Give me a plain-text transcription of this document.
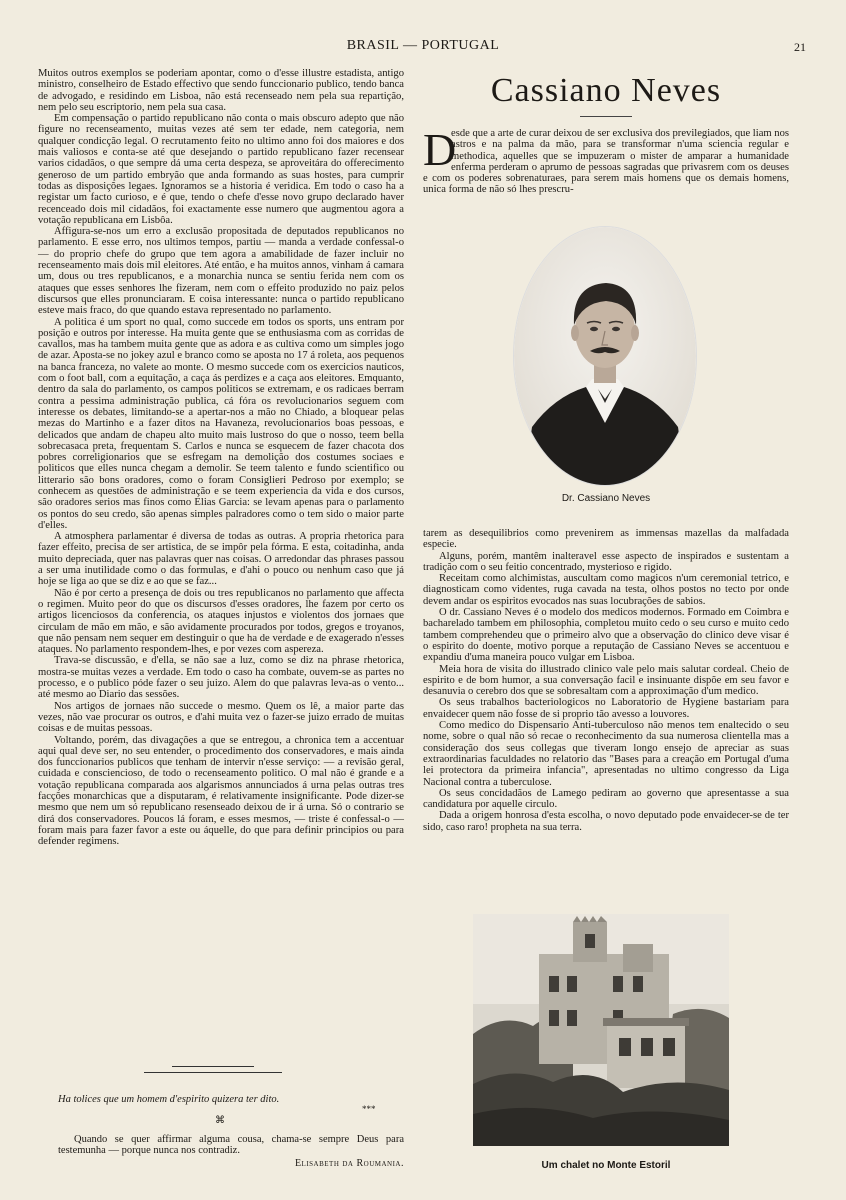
BRASIL — PORTUGAL	21

Muitos outros exemplos se poderiam apontar, como o d'esse illustre estadista, antigo ministro, conselheiro de Estado effectivo que sendo funccionario publico, tendo banca de advogado, e residindo em Lisboa, não está recenseado nem pela sua repartição, nem pelo seu escriptorio, nem pela sua casa.

Em compensação o partido republicano não conta o mais obscuro adepto que não figure no recenseamento, muitas vezes até sem ter edade, nem categoria, nem qualquer condicção legal. O recrutamento feito no ultimo anno foi dos maiores e dos mais valiosos e conta-se até que desejando o partido republicano fazer recensear varios cidadãos, o que sempre dá uma certa despeza, se aproveitára do offerecimento generoso de um partido embryão que anda formando as suas hostes, para cumprir todas as disposições legaes. Ignoramos se a historia é veridica. Em todo o caso ha a registar um facto curioso, e é que, tendo o chefe d'esse novo grupo declarado haver recenceado dois mil cidadãos, foi exactamente esse numero que augmentou agora a votação republicana em Lisbôa.

Affigura-se-nos um erro a exclusão propositada de deputados republicanos no parlamento. E esse erro, nos ultimos tempos, partiu — manda a verdade confessal-o — do proprio chefe do grupo que tem agora a amabilidade de fazer incluir no recenseamento mais dois mil eleitores. Até então, e ha muitos annos, vinham á camara um, dous ou tres republicanos, e a monarchia nunca se sentiu ferida nem com os ataques que esses senhores lhe fizeram, nem com o effeito produzido no paiz pelos discursos que elles pronunciaram. E coisa interessante: nunca o partido republicano esteve mais fraco, do que quando estava representado no parlamento.

A politica é um sport no qual, como succede em todos os sports, uns entram por posição e outros por interesse. Ha muita gente que se enthusiasma com as corridas de cavallos, mas ha tambem muita gente que as adora e as cultiva como um simples jogo de azar. Aposta-se no jokey azul e branco como se aposta no 17 á roleta, aos pequenos na banca franceza, no valete ao monte. O mesmo succede com os exercicios nauticos, com o foot ball, com a equitação, a caça ás perdizes e a caça aos eleitores. Emquanto, dentro da sala do parlamento, os campos politicos se extremam, e os radicaes berram contra a pessima administração publica, cá fóra os revolucionarios seguem com interesse os debates, limitando-se a apertar-nos a mão no Chiado, a bloquear pelas mezas do Martinho e a fazer ditos na Havaneza, revolucionarios boas pessoas, e delicados que andam de chapeu alto muito mais lustroso do que o nosso, teem bella sobrecasaca preta, frequentam S. Carlos e nunca se esquecem de fazer chacota dos pobres correligionarios que se esfregam na demolição dos costumes sociaes e politicos que elles nunca chegam a demolir. Se teem talento e fundo scientifico ou litterario são bons oradores, como o foram Consiglieri Pedroso por exemplo; se conhecem as questões de administração e se teem experiencia da vida e dos cursos, são oradores serios mas finos como Elias Garcia: se levam apenas para o parlamento os pontos do seu credo, são apenas simples palradores como o tem sido o maior parte d'elles.

A atmosphera parlamentar é diversa de todas as outras. A propria rhetorica para fazer effeito, precisa de ser artistica, de se impôr pela fórma. E esta, coitadinha, anda muito depreciada, quer nas palavras quer nas coisas. O arredondar das phrases passou a ser uma inutilidade como o das formulas, e d'ahi o pouco ou nenhum caso que já hoje se liga ao que se diz e ao que se faz...

Não é por certo a presença de dois ou tres republicanos no parlamento que affecta o regimen. Muito peor do que os discursos d'esses oradores, lhe fazem por certo os artigos licenciosos da conferencia, os ataques injustos e violentos dos jornaes que circulam de mão em mão, e são avidamente procurados por todos, gregos e troyanos, que não pensam nem sequer em destinguir o que ha de verdade e de exagerado n'esses ataques. No parlamento respondem-lhes, e por vezes com aspereza.

Trava-se discussão, e d'ella, se não sae a luz, como se diz na phrase rhetorica, mostra-se muitas vezes a verdade. Em todo o caso ha combate, ouvem-se as partes no processo, e o publico póde fazer o seu juizo. Alem do que palavras leva-as o vento... até mesmo ao Diario das sessões.

Nos artigos de jornaes não succede o mesmo. Quem os lê, a maior parte das vezes, não vae procurar os outros, e d'ahi muita vez o fazer-se juizo errado de muitas coisas e de muitas pessoas.

Voltando, porém, das divagações a que se entregou, a chronica tem a accentuar aqui qual deve ser, no seu entender, o procedimento dos conservadores, e mais ainda dos funccionarios publicos que tenham de intervir n'esse serviço: — a revisão geral, cuidada e consciencioso, de todo o recenseamento politico. O mal não é grande e a votação republicana comparada aos algarismos annunciados á urna pelas outras tres facções monarchicas que a disputaram, é relativamente insignificante. Pode dizer-se mesmo que nem um só republicano resenseado deixou de ir á urna. Só o contrario se dirá dos conservadores. Poucos lá foram, e esses mesmos, — triste é confessal-o — foram mais para fazer favor a este ou áquelle, do que para definir principios ou para defender regimens.

Ha tolices que um homem d'espirito quizera ter dito.
***
⌘

Quando se quer affirmar alguma cousa, chama-se sempre Deus para testemunha — porque nunca nos contradiz.

Elisabeth da Roumania.
Cassiano Neves
D

esde que a arte de curar deixou de ser exclusiva dos previlegiados, que liam nos astros e na palma da mão, para se transformar n'uma sciencia regular e methodica, aquelles que se impuzeram o mister de amparar a humanidade enferma perderam o aprumo de pessoas sagradas que privasrem com os deuses e com os poderes sobrenaturaes, para serem mais homens que os demais homens, unica forma de não só lhes prescru-

Dr. Cassiano Neves

tarem as desequilibrios como prevenirem as immensas mazellas da malfadada especie.

Alguns, porém, mantêm inalteravel esse aspecto de inspirados e sustentam a tradição com o seu feitio concentrado, mysterioso e rigido.

Receitam como alchimistas, auscultam como magicos n'um ceremonial tetrico, e diagnosticam como videntes, ruga cavada na testa, olhos postos no tecto por onde devem andar os espiritos evocados nas suas locubrações de sabios.

O dr. Cassiano Neves é o modelo dos medicos modernos. Formado em Coimbra e bacharelado tambem em philosophia, completou muito cedo o seu curso e muito cedo tambem comprehendeu que o primeiro alvo que a observação do clinico deve visar é o espirito do doente, motivo porque a reputação de Cassiano Neves se accentuou e expandiu d'uma maneira pouco vulgar em Lisboa.

Meia hora de visita do illustrado clinico vale pelo mais salutar cordeal. Cheio de espirito e de bom humor, a sua conversação facil e insinuante dispõe em seu favor e desanuvia o cerebro dos que se sobresaltam com a approximação d'um medico.

Os seus trabalhos bacteriologicos no Laboratorio de Hygiene bastariam para envaidecer quem não fosse de si proprio tão avesso a louvores.

Como medico do Dispensario Anti-tuberculoso não menos tem enaltecido o seu nome, sobre o qual não só recae o reconhecimento da sua numerosa clientella mas a consideração dos seus collegas que tiveram longo ensejo de apreciar as suas extraordinarias faculdades no relatorio das "Bases para a creação em Portugal d'uma lei protectora da primeira infancia", apresentadas no ultimo congresso da Liga Nacional contra a tuberculose.

Os seus concidadãos de Lamego pediram ao governo que apresentasse a sua candidatura por aquelle circulo.

Dada a origem honrosa d'esta escolha, o novo deputado pode envaidecer-se de ter sido, caso raro! propheta na sua terra.

Um chalet no Monte Estoril
